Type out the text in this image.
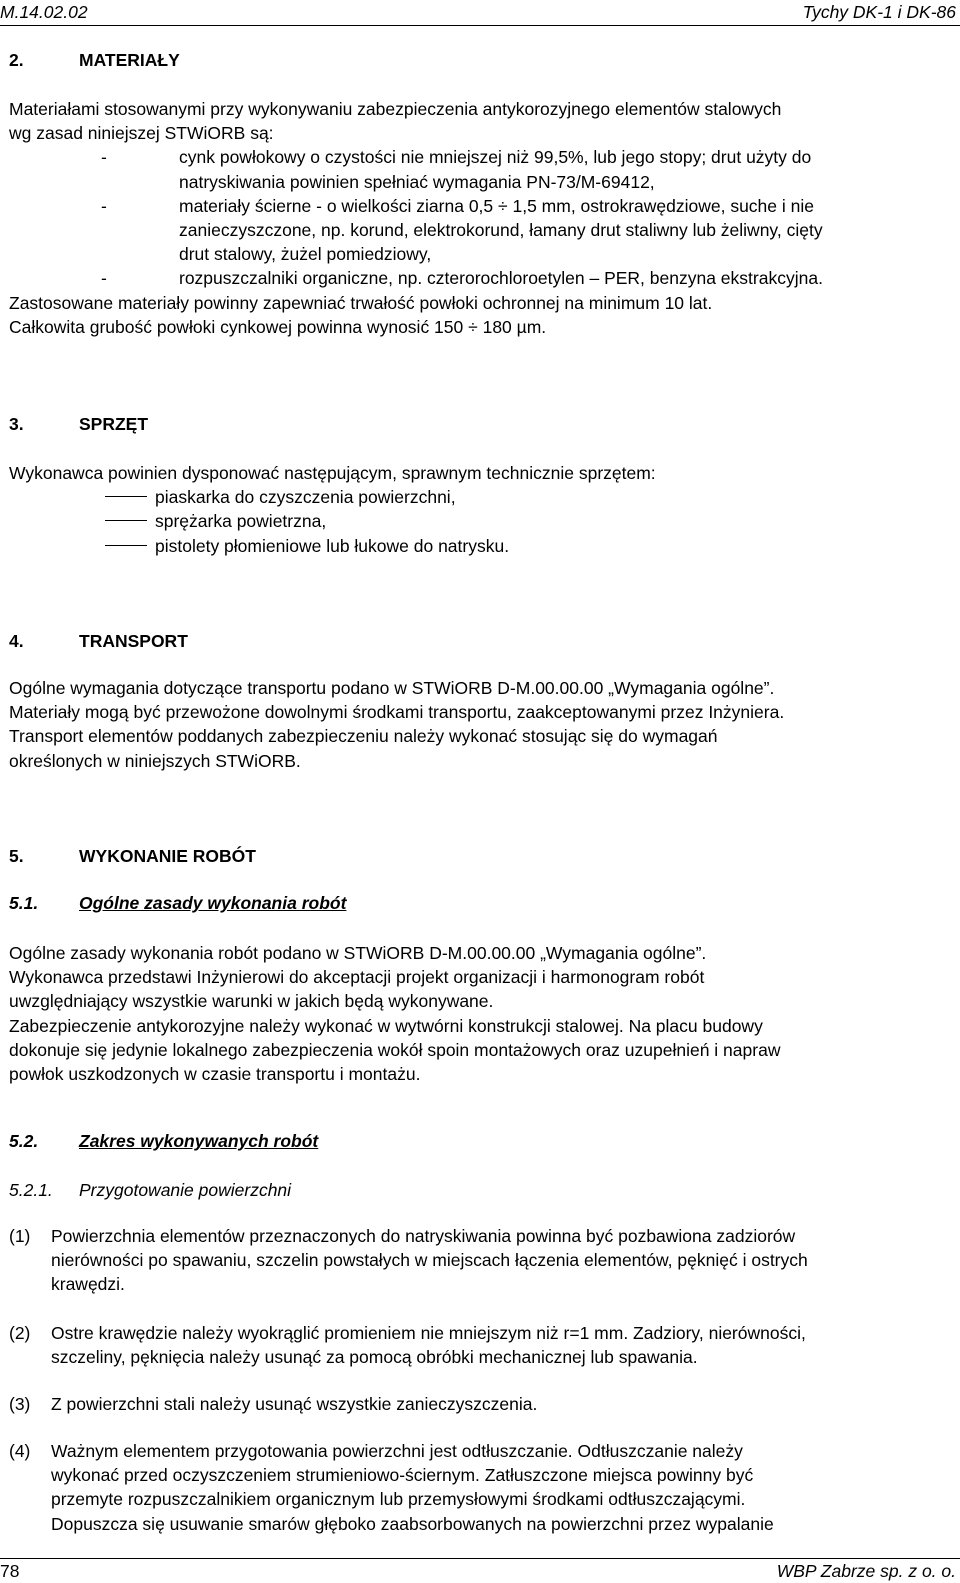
M.14.02.02	Tychy DK-1 i DK-86
2.	MATERIAŁY
Materiałami stosowanymi przy wykonywaniu zabezpieczenia antykorozyjnego elementów stalowych
wg zasad niniejszej STWiORB są:
-	cynk powłokowy o czystości nie mniejszej niż 99,5%, lub jego stopy; drut użyty do
natryskiwania powinien spełniać wymagania PN-73/M-69412,
-	materiały ścierne - o wielkości ziarna 0,5 ÷ 1,5 mm, ostrokrawędziowe, suche i nie
zanieczyszczone, np. korund, elektrokorund, łamany drut staliwny lub żeliwny, cięty
drut stalowy, żużel pomiedziowy,
-	rozpuszczalniki organiczne, np. czterorochloroetylen – PER, benzyna ekstrakcyjna.
Zastosowane materiały powinny zapewniać trwałość powłoki ochronnej na minimum 10 lat.
Całkowita grubość powłoki cynkowej powinna wynosić 150 ÷ 180 µm.
3.	SPRZĘT
Wykonawca powinien dysponować następującym, sprawnym technicznie sprzętem:
piaskarka do czyszczenia powierzchni,
sprężarka powietrzna,
pistolety płomieniowe lub łukowe do natrysku.
4.	TRANSPORT
Ogólne wymagania dotyczące transportu podano w STWiORB D-M.00.00.00 „Wymagania ogólne”.
Materiały mogą być przewożone dowolnymi środkami transportu, zaakceptowanymi przez Inżyniera.
Transport elementów poddanych zabezpieczeniu należy wykonać stosując się do wymagań
określonych w niniejszych STWiORB.
5.	WYKONANIE ROBÓT
5.1. Ogólne zasady wykonania robót
Ogólne zasady wykonania robót podano w STWiORB D-M.00.00.00 „Wymagania ogólne”.
Wykonawca przedstawi Inżynierowi do akceptacji projekt organizacji i harmonogram robót
uwzględniający wszystkie warunki w jakich będą wykonywane.
Zabezpieczenie antykorozyjne należy wykonać w wytwórni konstrukcji stalowej. Na placu budowy
dokonuje się jedynie lokalnego zabezpieczenia wokół spoin montażowych oraz uzupełnień i napraw
powłok uszkodzonych w czasie transportu i montażu.
5.2. Zakres wykonywanych robót
5.2.1. Przygotowanie powierzchni
(1) Powierzchnia elementów przeznaczonych do natryskiwania powinna być pozbawiona zadziorów
nierówności po spawaniu, szczelin powstałych w miejscach łączenia elementów, pęknięć i ostrych
krawędzi.
(2) Ostre krawędzie należy wyokrąglić promieniem nie mniejszym niż r=1 mm. Zadziory, nierówności,
szczeliny, pęknięcia należy usunąć za pomocą obróbki mechanicznej lub spawania.
(3) Z powierzchni stali należy usunąć wszystkie zanieczyszczenia.
(4) Ważnym elementem przygotowania powierzchni jest odtłuszczanie. Odtłuszczanie należy
wykonać przed oczyszczeniem strumieniowo-ściernym. Zatłuszczone miejsca powinny być
przemyte rozpuszczalnikiem organicznym lub przemysłowymi środkami odtłuszczającymi.
Dopuszcza się usuwanie smarów głęboko zaabsorbowanych na powierzchni przez wypalanie
78	WBP Zabrze sp. z o. o.
